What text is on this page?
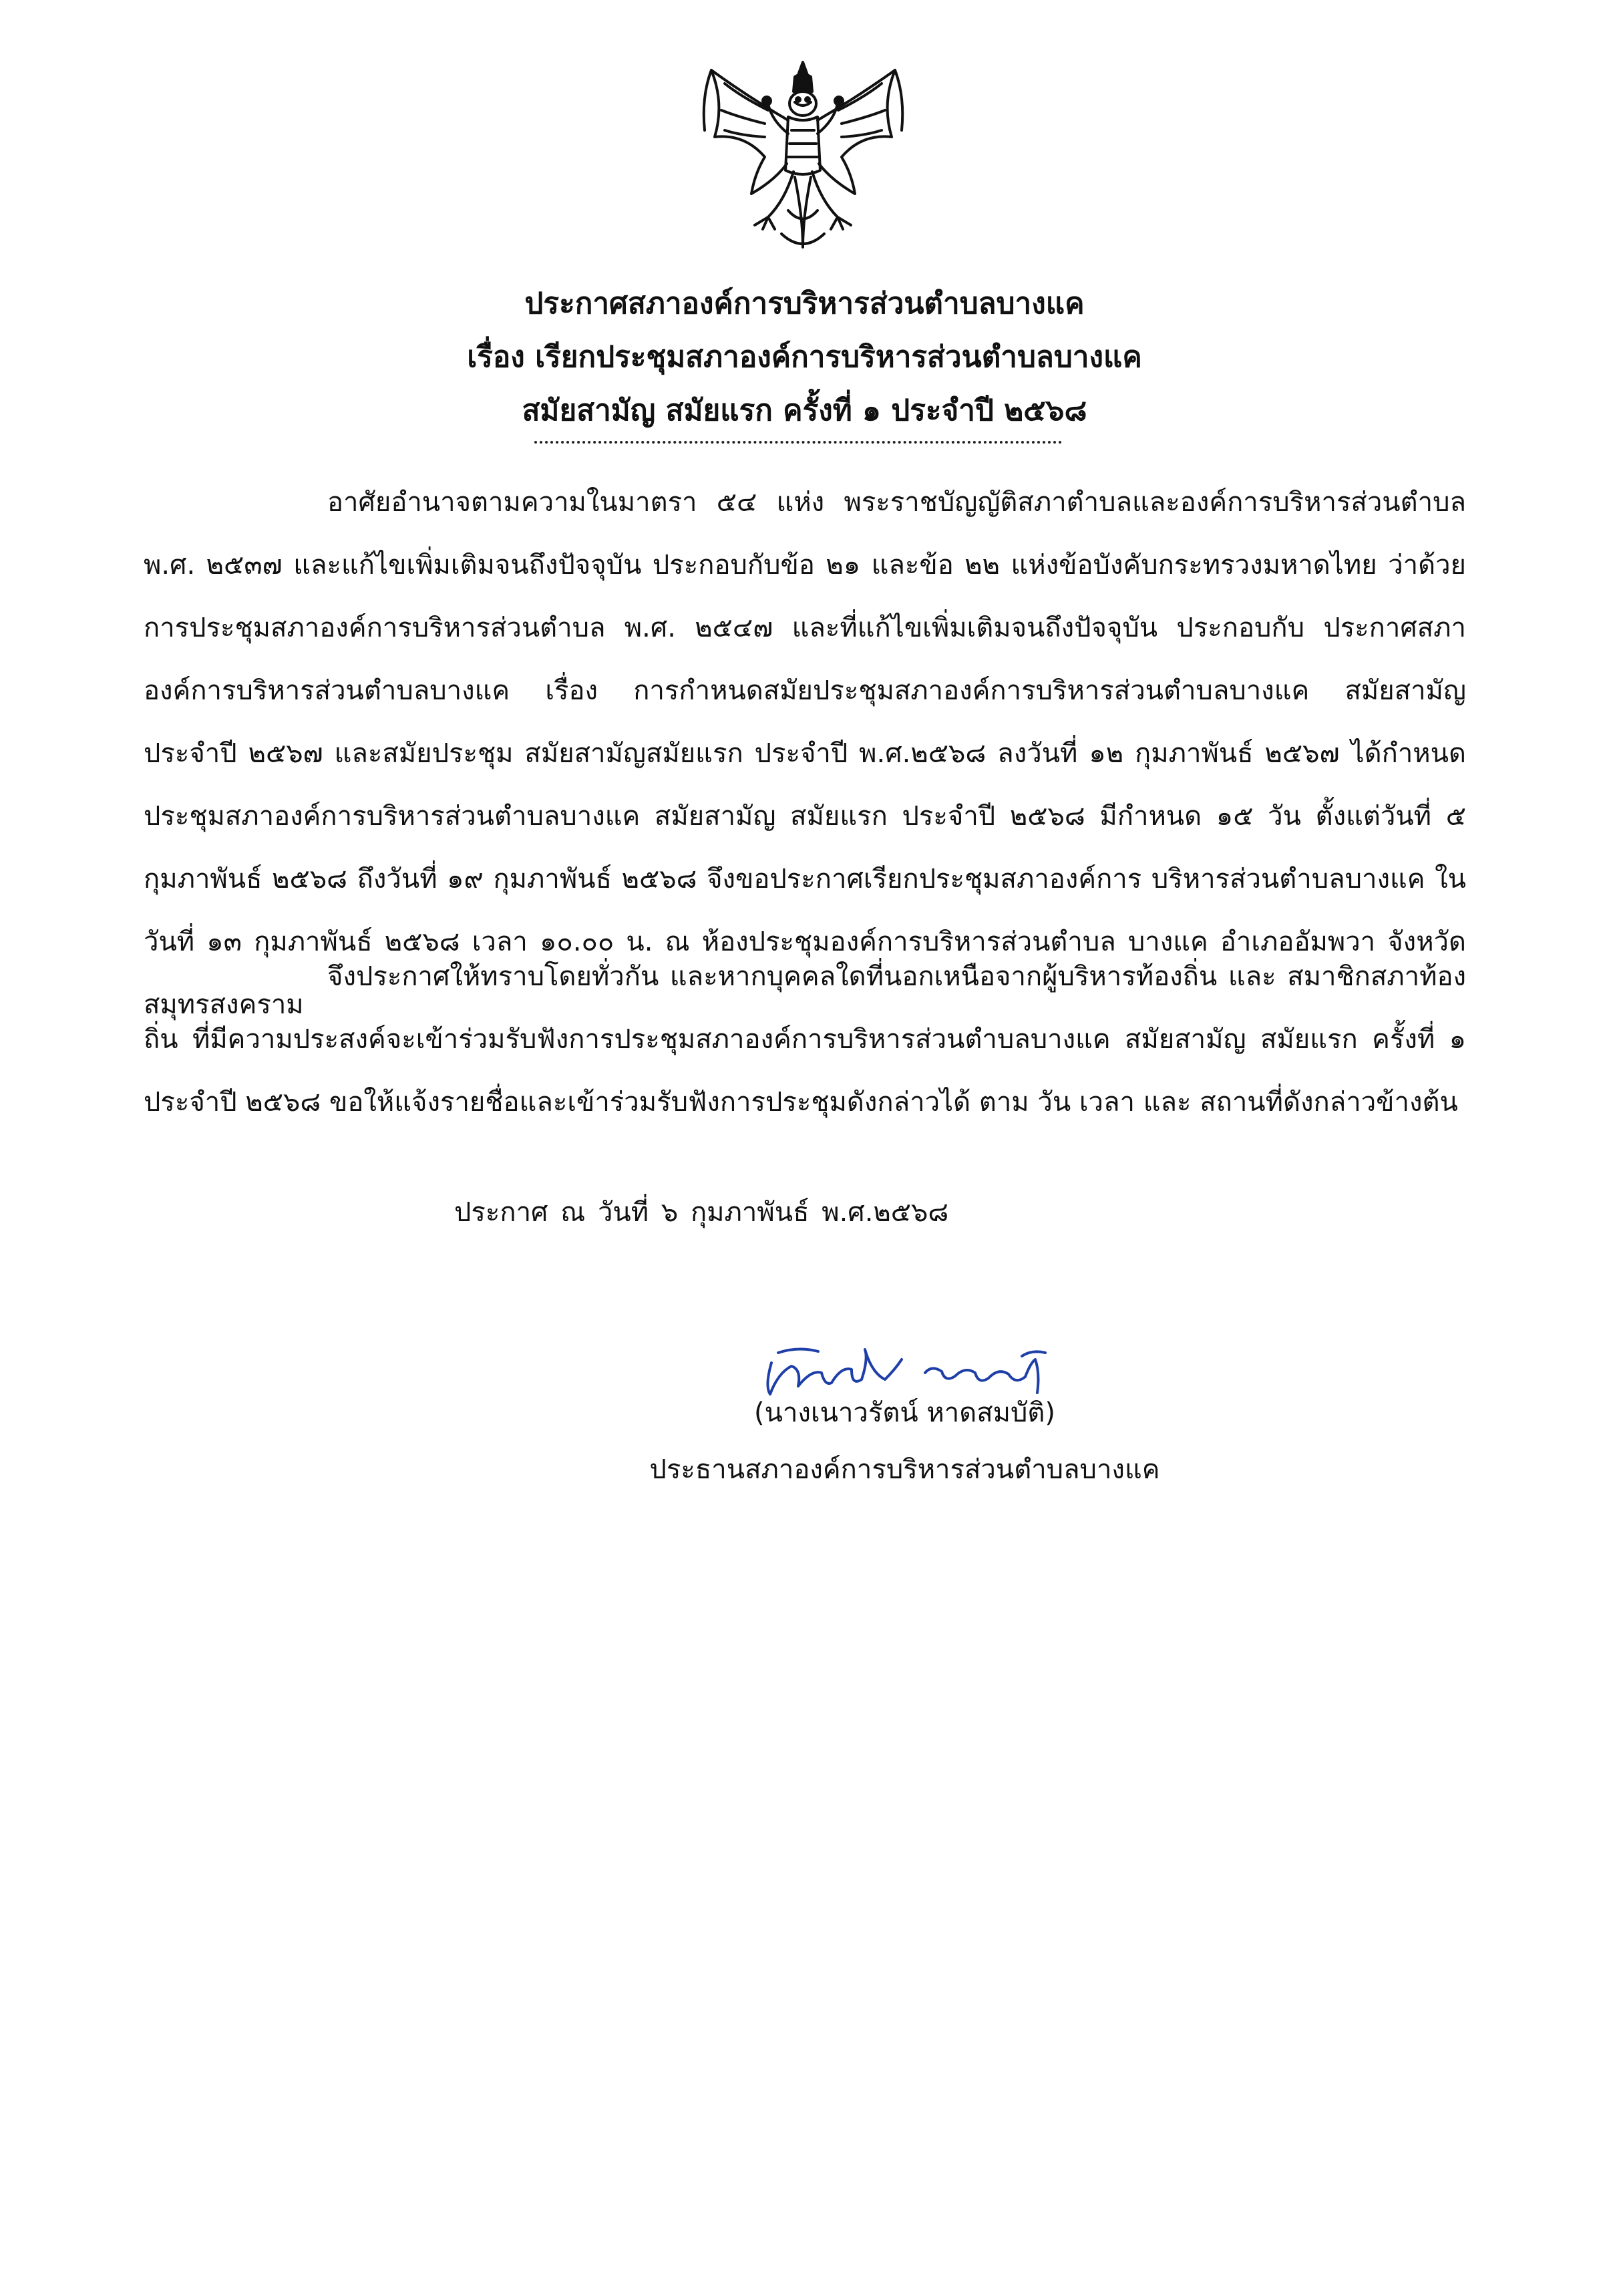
ประกาศสภาองค์การบริหารส่วนตำบลบางแค
เรื่อง เรียกประชุมสภาองค์การบริหารส่วนตำบลบางแค
สมัยสามัญ สมัยแรก ครั้งที่ ๑ ประจำปี ๒๕๖๘

อาศัยอำนาจตามความในมาตรา ๕๔ แห่ง พระราชบัญญัติสภาตำบลและองค์การบริหารส่วนตำบล พ.ศ. ๒๕๓๗ และแก้ไขเพิ่มเติมจนถึงปัจจุบัน ประกอบกับข้อ ๒๑ และข้อ ๒๒ แห่งข้อบังคับกระทรวงมหาดไทย ว่าด้วย การประชุมสภาองค์การบริหารส่วนตำบล พ.ศ. ๒๕๔๗ และที่แก้ไขเพิ่มเติมจนถึงปัจจุบัน ประกอบกับ ประกาศสภาองค์การบริหารส่วนตำบลบางแค เรื่อง การกำหนดสมัยประชุมสภาองค์การบริหารส่วนตำบลบางแค สมัยสามัญ ประจำปี ๒๕๖๗ และสมัยประชุม สมัยสามัญสมัยแรก ประจำปี พ.ศ.๒๕๖๘ ลงวันที่ ๑๒ กุมภาพันธ์ ๒๕๖๗ ได้กำหนดประชุมสภาองค์การบริหารส่วนตำบลบางแค สมัยสามัญ สมัยแรก ประจำปี ๒๕๖๘ มีกำหนด ๑๕ วัน ตั้งแต่วันที่ ๕ กุมภาพันธ์ ๒๕๖๘ ถึงวันที่ ๑๙ กุมภาพันธ์ ๒๕๖๘ จึงขอประกาศเรียกประชุมสภาองค์การ บริหารส่วนตำบลบางแค ในวันที่ ๑๓ กุมภาพันธ์ ๒๕๖๘ เวลา ๑๐.๐๐ น. ณ ห้องประชุมองค์การบริหารส่วนตำบล บางแค อำเภออัมพวา จังหวัดสมุทรสงคราม

จึงประกาศให้ทราบโดยทั่วกัน และหากบุคคลใดที่นอกเหนือจากผู้บริหารท้องถิ่น และ สมาชิกสภาท้องถิ่น ที่มีความประสงค์จะเข้าร่วมรับฟังการประชุมสภาองค์การบริหารส่วนตำบลบางแค สมัยสามัญ สมัยแรก ครั้งที่ ๑ ประจำปี ๒๕๖๘ ขอให้แจ้งรายชื่อและเข้าร่วมรับฟังการประชุมดังกล่าวได้ ตาม วัน เวลา และ สถานที่ดังกล่าวข้างต้น

ประกาศ ณ วันที่ ๖ กุมภาพันธ์ พ.ศ.๒๕๖๘
(นางเนาวรัตน์ หาดสมบัติ)
ประธานสภาองค์การบริหารส่วนตำบลบางแค
